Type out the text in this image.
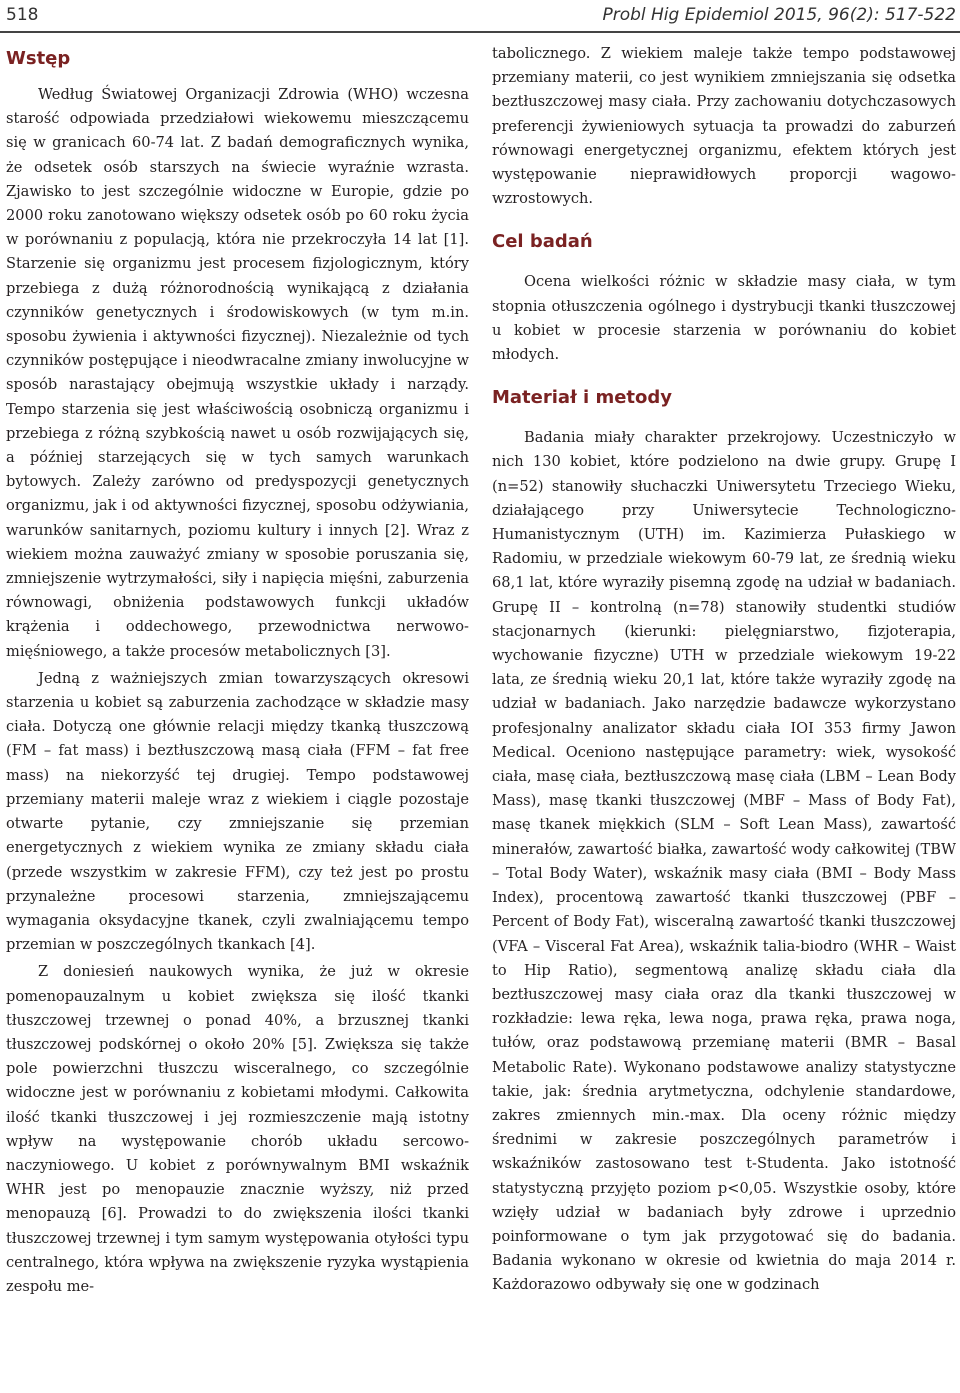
518	Probl Hig Epidemiol 2015, 96(2): 517-522
Wstęp

Według Światowej Organizacji Zdrowia (WHO) wczesna starość odpowiada przedziałowi wiekowemu mieszczącemu się w granicach 60-74 lat. Z badań demograficznych wynika, że odsetek osób starszych na świecie wyraźnie wzrasta. Zjawisko to jest szczególnie widoczne w Europie, gdzie po 2000 roku zanotowano większy odsetek osób po 60 roku życia w porównaniu z populacją, która nie przekroczyła 14 lat [1]. Starzenie się organizmu jest procesem fizjologicznym, który przebiega z dużą różnorodnością wynikającą z działania czynników genetycznych i środowiskowych (w tym m.in. sposobu żywienia i aktywności fizycznej). Niezależnie od tych czynników postępujące i nieodwracalne zmiany inwolucyjne w sposób narastający obejmują wszystkie układy i narządy. Tempo starzenia się jest właściwością osobniczą organizmu i przebiega z różną szybkością nawet u osób rozwijających się, a później starzejących się w tych samych warunkach bytowych. Zależy zarówno od predyspozycji genetycznych organizmu, jak i od aktywności fizycznej, sposobu odżywiania, warunków sanitarnych, poziomu kultury i innych [2]. Wraz z wiekiem można zauważyć zmiany w sposobie poruszania się, zmniejszenie wytrzymałości, siły i napięcia mięśni, zaburzenia równowagi, obniżenia podstawowych funkcji układów krążenia i oddechowego, przewodnictwa nerwowo-mięśniowego, a także procesów metabolicznych [3].

Jedną z ważniejszych zmian towarzyszących okresowi starzenia u kobiet są zaburzenia zachodzące w składzie masy ciała. Dotyczą one głównie relacji między tkanką tłuszczową (FM – fat mass) i beztłuszczową masą ciała (FFM – fat free mass) na niekorzyść tej drugiej. Tempo podstawowej przemiany materii maleje wraz z wiekiem i ciągle pozostaje otwarte pytanie, czy zmniejszanie się przemian energetycznych z wiekiem wynika ze zmiany składu ciała (przede wszystkim w zakresie FFM), czy też jest po prostu przynależne procesowi starzenia, zmniejszającemu wymagania oksydacyjne tkanek, czyli zwalniającemu tempo przemian w poszczególnych tkankach [4].

Z doniesień naukowych wynika, że już w okresie pomenopauzalnym u kobiet zwiększa się ilość tkanki tłuszczowej trzewnej o ponad 40%, a brzusznej tkanki tłuszczowej podskórnej o około 20% [5]. Zwiększa się także pole powierzchni tłuszczu wisceralnego, co szczególnie widoczne jest w porównaniu z kobietami młodymi. Całkowita ilość tkanki tłuszczowej i jej rozmieszczenie mają istotny wpływ na występowanie chorób układu sercowo-naczyniowego. U kobiet z porównywalnym BMI wskaźnik WHR jest po menopauzie znacznie wyższy, niż przed menopauzą [6]. Prowadzi to do zwiększenia ilości tkanki tłuszczowej trzewnej i tym samym występowania otyłości typu centralnego, która wpływa na zwiększenie ryzyka wystąpienia zespołu me-

tabolicznego. Z wiekiem maleje także tempo podstawowej przemiany materii, co jest wynikiem zmniejszania się odsetka beztłuszczowej masy ciała. Przy zachowaniu dotychczasowych preferencji żywieniowych sytuacja ta prowadzi do zaburzeń równowagi energetycznej organizmu, efektem których jest występowanie nieprawidłowych proporcji wagowo-wzrostowych.

Cel badań

Ocena wielkości różnic w składzie masy ciała, w tym stopnia otłuszczenia ogólnego i dystrybucji tkanki tłuszczowej u kobiet w procesie starzenia w porównaniu do kobiet młodych.

Materiał i metody

Badania miały charakter przekrojowy. Uczestniczyło w nich 130 kobiet, które podzielono na dwie grupy. Grupę I (n=52) stanowiły słuchaczki Uniwersytetu Trzeciego Wieku, działającego przy Uniwersytecie Technologiczno-Humanistycznym (UTH) im. Kazimierza Pułaskiego w Radomiu, w przedziale wiekowym 60-79 lat, ze średnią wieku 68,1 lat, które wyraziły pisemną zgodę na udział w badaniach. Grupę II – kontrolną (n=78) stanowiły studentki studiów stacjonarnych (kierunki: pielęgniarstwo, fizjoterapia, wychowanie fizyczne) UTH w przedziale wiekowym 19-22 lata, ze średnią wieku 20,1 lat, które także wyraziły zgodę na udział w badaniach. Jako narzędzie badawcze wykorzystano profesjonalny analizator składu ciała IOI 353 firmy Jawon Medical. Oceniono następujące parametry: wiek, wysokość ciała, masę ciała, beztłuszczową masę ciała (LBM – Lean Body Mass), masę tkanki tłuszczowej (MBF – Mass of Body Fat), masę tkanek miękkich (SLM – Soft Lean Mass), zawartość minerałów, zawartość białka, zawartość wody całkowitej (TBW – Total Body Water), wskaźnik masy ciała (BMI – Body Mass Index), procentową zawartość tkanki tłuszczowej (PBF – Percent of Body Fat), wisceralną zawartość tkanki tłuszczowej (VFA – Visceral Fat Area), wskaźnik talia-biodro (WHR – Waist to Hip Ratio), segmentową analizę składu ciała dla beztłuszczowej masy ciała oraz dla tkanki tłuszczowej w rozkładzie: lewa ręka, lewa noga, prawa ręka, prawa noga, tułów, oraz podstawową przemianę materii (BMR – Basal Metabolic Rate). Wykonano podstawowe analizy statystyczne takie, jak: średnia arytmetyczna, odchylenie standardowe, zakres zmiennych min.-max. Dla oceny różnic między średnimi w zakresie poszczególnych parametrów i wskaźników zastosowano test t-Studenta. Jako istotność statystyczną przyjęto poziom p<0,05. Wszystkie osoby, które wzięły udział w badaniach były zdrowe i uprzednio poinformowane o tym jak przygotować się do badania. Badania wykonano w okresie od kwietnia do maja 2014 r. Każdorazowo odbywały się one w godzinach
